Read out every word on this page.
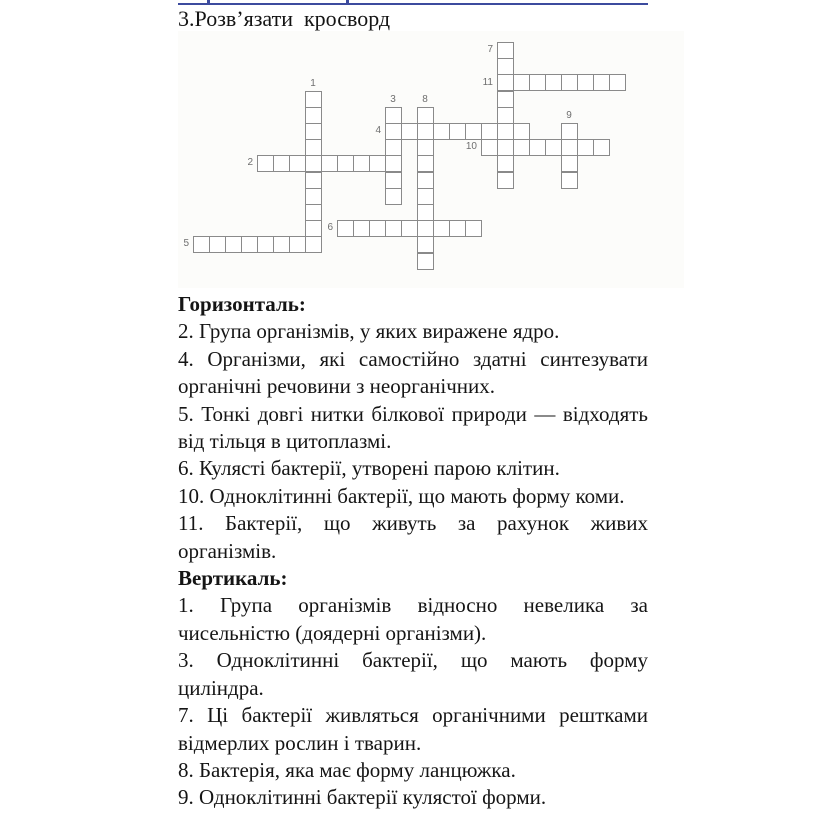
3.Розв’язати  кросворд

1
2
3
4
5
6
7
8
9
10
11

Горизонталь:

2. Група організмів, у яких виражене ядро.

4. Організми, які самостійно здатні синтезувати органічні речовини з неорганічних.

5. Тонкі довгі нитки білкової природи — відходять від тільця в цитоплазмі.

6. Кулясті бактерії, утворені парою клітин.

10. Одноклітинні бактерії, що мають форму коми.

11. Бактерії, що живуть за рахунок живих організмів.

Вертикаль:

1. Група організмів відносно невелика за чисельністю (доядерні організми).

3. Одноклітинні бактерії, що мають форму циліндра.

7. Ці бактерії живляться органічними рештками відмерлих рослин і тварин.

8. Бактерія, яка має форму ланцюжка.

9. Одноклітинні бактерії кулястої форми.
